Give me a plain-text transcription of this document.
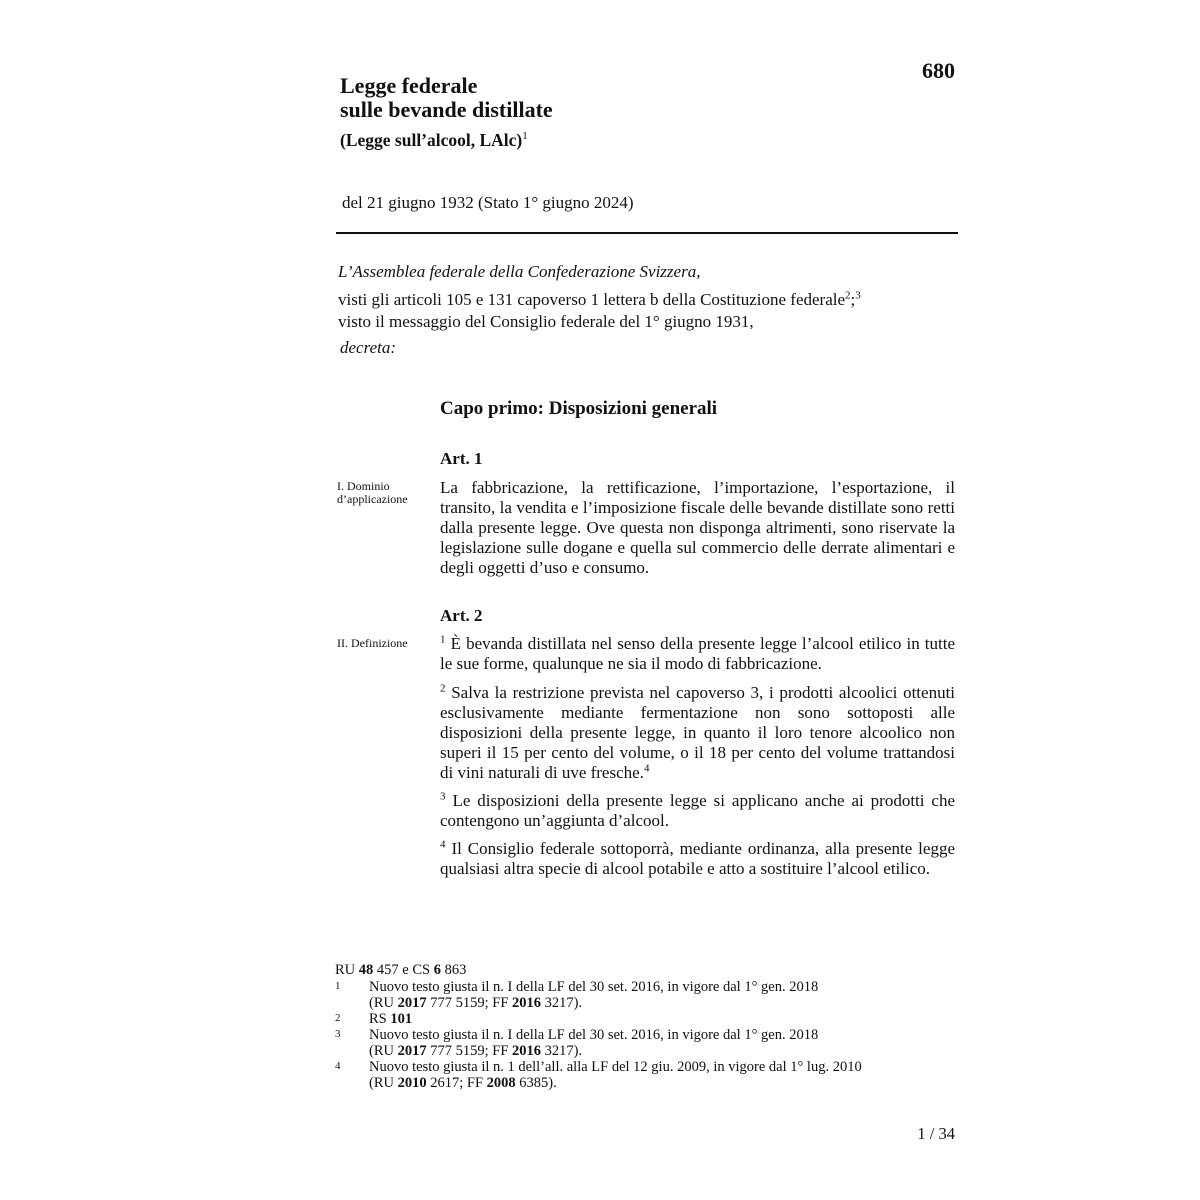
680
Legge federale
sulle bevande distillate
(Legge sull’alcool, LAlc)$^1$
del 21 giugno 1932 (Stato 1° giugno 2024)
L’Assemblea federale della Confederazione Svizzera,
visti gli articoli 105 e 131 capoverso 1 lettera b della Costituzione federale$^2$;$^3$
visto il messaggio del Consiglio federale del 1° giugno 1931,
decreta:
Capo primo: Disposizioni generali
Art. 1
I. Dominio
d’applicazione
La fabbricazione, la rettificazione, l’importazione, l’esportazione, il transito, la vendita e l’imposizione fiscale delle bevande distillate sono retti dalla presente legge. Ove questa non disponga altrimenti, sono riservate la legislazione sulle dogane e quella sul commercio delle derrate alimentari e degli oggetti d’uso e consumo.
Art. 2
II. Definizione	$^1$ È bevanda distillata nel senso della presente legge l’alcool etilico in tutte le sue forme, qualunque ne sia il modo di fabbricazione.
$^2$ Salva la restrizione prevista nel capoverso 3, i prodotti alcoolici ottenuti esclusivamente mediante fermentazione non sono sottoposti alle disposizioni della presente legge, in quanto il loro tenore alcoolico non superi il 15 per cento del volume, o il 18 per cento del volume trattandosi di vini naturali di uve fresche.$^4$
$^3$ Le disposizioni della presente legge si applicano anche ai prodotti che contengono un’aggiunta d’alcool.
$^4$ Il Consiglio federale sottoporrà, mediante ordinanza, alla presente legge qualsiasi altra specie di alcool potabile e atto a sostituire l’alcool etilico.
RU 48 457 e CS 6 863
1	Nuovo testo giusta il n. I della LF del 30 set. 2016, in vigore dal 1° gen. 2018
(RU 2017 777 5159; FF 2016 3217).
2	RS 101
3	Nuovo testo giusta il n. I della LF del 30 set. 2016, in vigore dal 1° gen. 2018
(RU 2017 777 5159; FF 2016 3217).
4	Nuovo testo giusta il n. 1 dell’all. alla LF del 12 giu. 2009, in vigore dal 1° lug. 2010
(RU 2010 2617; FF 2008 6385).
1 / 34
